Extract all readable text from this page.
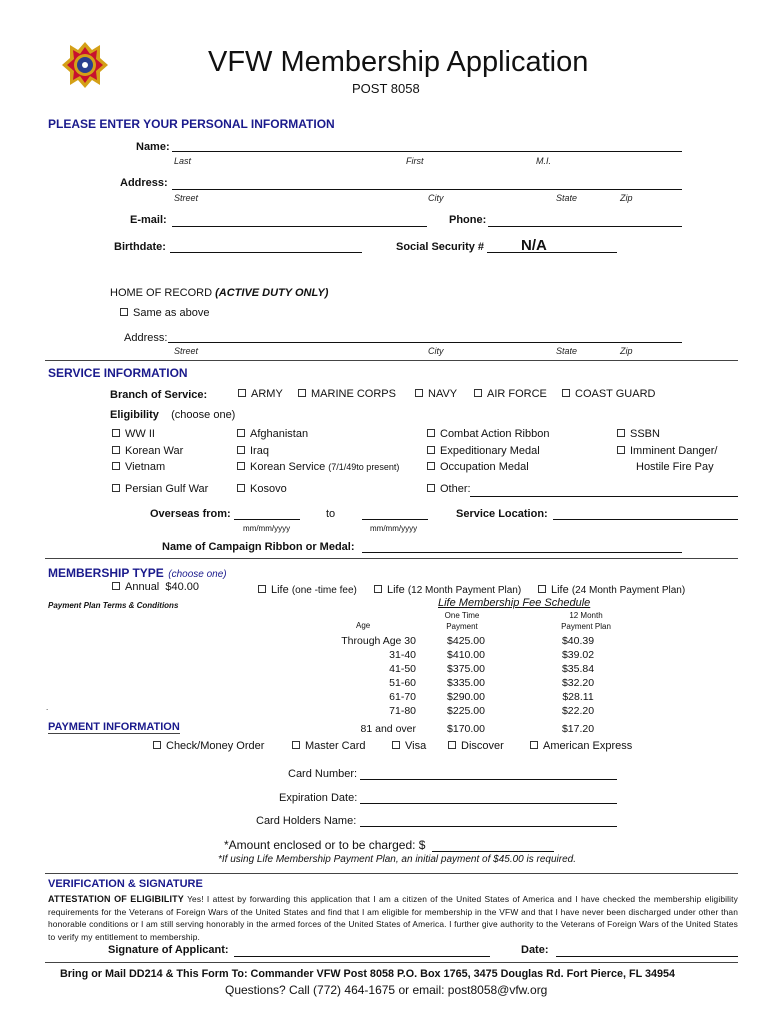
VFW Membership Application
POST 8058
PLEASE ENTER YOUR PERSONAL INFORMATION
Name:
Last	First	M.I.
Address:
Street	City	State	Zip
E-mail:	Phone:
Birthdate:	Social Security # N/A
HOME OF RECORD (ACTIVE DUTY ONLY)
Same as above
Address:
Street	City	State	Zip
SERVICE INFORMATION
Branch of Service:	ARMY	MARINE CORPS	NAVY	AIR FORCE	COAST GUARD
Eligibility (choose one)
WW II
Korean War
Vietnam
Persian Gulf War
Afghanistan
Iraq
Korean Service (7/1/49to present)
Kosovo
Combat Action Ribbon
Expeditionary Medal
Occupation Medal
Other:
SSBN
Imminent Danger/
Hostile Fire Pay
Overseas from:	to
mm/mm/yyyy	mm/mm/yyyy
Service Location:
Name of Campaign Ribbon or Medal:
MEMBERSHIP TYPE (choose one)
Annual $40.00	Life (one -time fee)	Life (12 Month Payment Plan)	Life (24 Month Payment Plan)
Payment Plan Terms & Conditions	Life Membership Fee Schedule
Age
One Time Payment
12 Month Payment Plan
Through Age 30	$425.00	$40.39
31-40	$410.00	$39.02
41-50	$375.00	$35.84
51-60	$335.00	$32.20
61-70	$290.00	$28.11
71-80	$225.00	$22.20
81 and over	$170.00	$17.20
.
PAYMENT INFORMATION
Check/Money Order	Master Card	Visa	Discover	American Express
Card Number:
Expiration Date:
Card Holders Name:
*Amount enclosed or to be charged: $
*If using Life Membership Payment Plan, an initial payment of $45.00 is required.
VERIFICATION & SIGNATURE
ATTESTATION OF ELIGIBILITY Yes! I attest by forwarding this application that I am a citizen of the United States of America and I have checked the membership eligibility requirements for the Veterans of Foreign Wars of the United States and find that I am eligible for membership in the VFW and that I have never been discharged under other than honorable conditions or I am still serving honorably in the armed forces of the United States of America. I further give authority to the Veterans of Foreign Wars of the United States to verify my entitlement to membership.
Signature of Applicant:	Date:
Bring or Mail DD214 & This Form To: Commander VFW Post 8058 P.O. Box 1765, 3475 Douglas Rd. Fort Pierce, FL 34954
Questions? Call (772) 464-1675 or email: post8058@vfw.org
